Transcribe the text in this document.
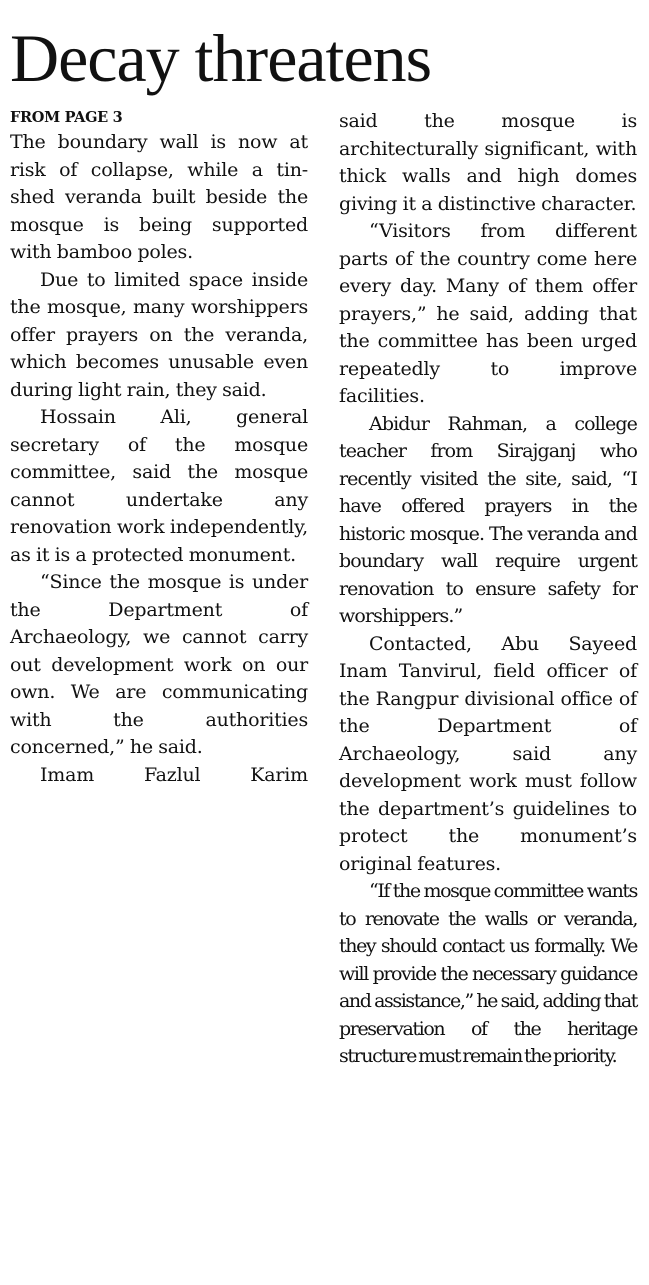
Decay threatens

FROM PAGE 3

The boundary wall is now at risk of collapse, while a tin-shed veranda built beside the mosque is being supported with bamboo poles.

Due to limited space inside the mosque, many worshippers offer prayers on the veranda, which becomes unusable even during light rain, they said.

Hossain Ali, general secretary of the mosque committee, said the mosque cannot undertake any renovation work independently, as it is a protected monument.

“Since the mosque is under the Department of Archaeology, we cannot carry out development work on our own. We are communicating with the authorities concerned,” he said.

Imam Fazlul Karim

said the mosque is architecturally significant, with thick walls and high domes giving it a distinctive character.

“Visitors from different parts of the country come here every day. Many of them offer prayers,” he said, adding that the committee has been urged repeatedly to improve facilities.

Abidur Rahman, a college teacher from Sirajganj who recently visited the site, said, “I have offered prayers in the historic mosque. The veranda and boundary wall require urgent renovation to ensure safety for worshippers.”

Contacted, Abu Sayeed Inam Tanvirul, field officer of the Rangpur divisional office of the Department of Archaeology, said any development work must follow the department’s guidelines to protect the monument’s original features.

“If the mosque committee wants to renovate the walls or veranda, they should contact us formally. We will provide the necessary guidance and assistance,” he said, adding that preservation of the heritage structure must remain the priority.
